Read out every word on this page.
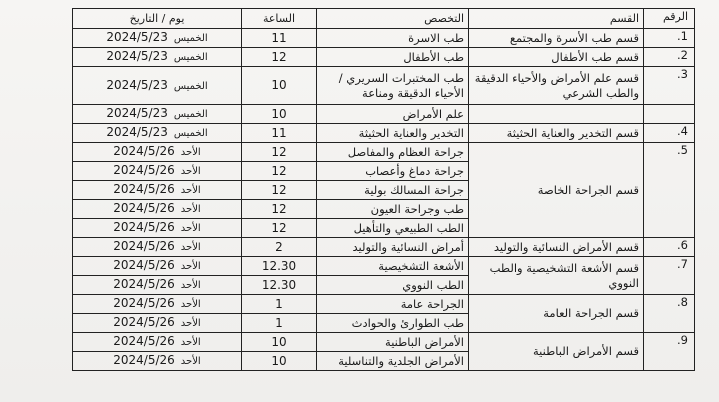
الرقم	القسم	التخصص	الساعة	يوم / التاريخ
1.	قسم طب الأسرة والمجتمع	طب الاسرة	11	الخميس2024/5/23
2.	قسم طب الأطفال	طب الأطفال	12	الخميس2024/5/23
3.	قسم علم الأمراض والأحياء الدقيقة والطب الشرعي	طب المختبرات السريري /الأحياء الدقيقة ومناعة	10	الخميس2024/5/23
		علم الأمراض	10	الخميس2024/5/23
4.	قسم التخدير والعناية الحثيثة	التخدير والعناية الحثيثة	11	الخميس2024/5/23
5.	قسم الجراحة الخاصة	جراحة العظام والمفاصل	12	الأحد2024/5/26
		جراحة دماغ وأعصاب	12	الأحد2024/5/26
		جراحة المسالك بولية	12	الأحد2024/5/26
		طب وجراحة العيون	12	الأحد2024/5/26
		الطب الطبيعي والتأهيل	12	الأحد2024/5/26
6.	قسم الأمراض النسائية والتوليد	أمراض النسائية والتوليد	2	الأحد2024/5/26
7.	قسم الأشعة التشخيصية والطب النووي	الأشعة التشخيصية	12.30	الأحد2024/5/26
		الطب النووي	12.30	الأحد2024/5/26
8.	قسم الجراحة العامة	الجراحة عامة	1	الأحد2024/5/26
		طب الطوارئ والحوادث	1	الأحد2024/5/26
9.	قسم الأمراض الباطنية	الأمراض الباطنية	10	الأحد2024/5/26
		الأمراض الجلدية والتناسلية	10	الأحد2024/5/26
